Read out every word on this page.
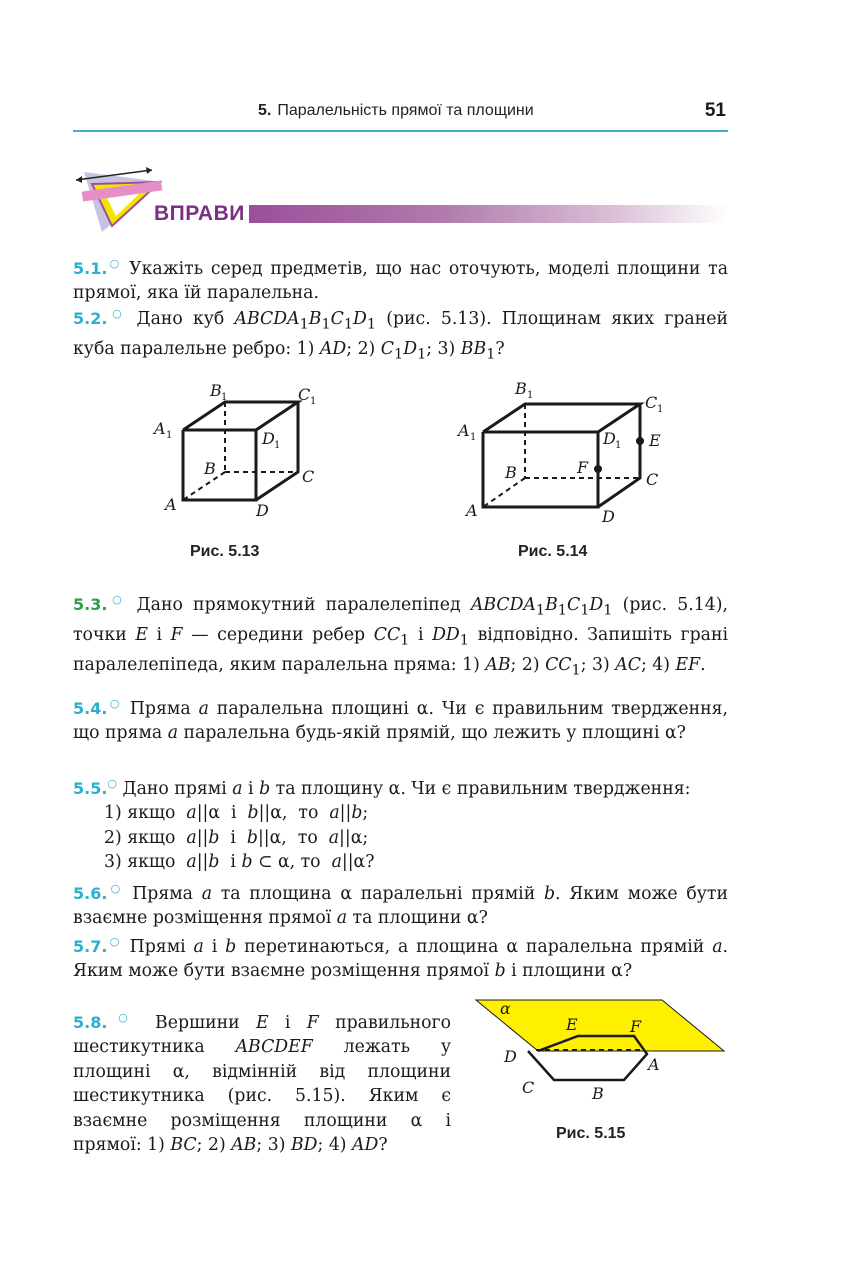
5. Паралельність прямої та площини	51
ВПРАВИ
5.1.○ Укажіть серед предметів, що нас оточують, моделі площини та прямої, яка їй паралельна.
5.2.○ Дано куб $ABCDA_1B_1C_1D_1$ (рис. 5.13). Площинам яких граней куба паралельне ребро: 1) AD; 2) $C_1D_1$; 3) $BB_1$?
B 1	C 1
A 1	D 1
B	C
A	D
Рис. 5.13
B 1	C 1
A 1	D 1 E
F
B	C
A	D
Рис. 5.14
5.3.○ Дано прямокутний паралелепіпед $ABCDA_1B_1C_1D_1$ (рис. 5.14), точки E і F — середини ребер $CC_1$ і $DD_1$ відповідно. Запишіть грані паралелепіпеда, яким паралельна пряма: 1) AB; 2) $CC_1$; 3) AC; 4) EF.
5.4.○ Пряма a паралельна площині α. Чи є правильним твердження, що пряма a паралельна будь-якій прямій, що лежить у площині α?
5.5.○ Дано прямі a і b та площину α. Чи є правильним твердження:
1) якщо  a||α  і  b||α,  то  a||b;
2) якщо  a||b  і  b||α,  то  a||α;
3) якщо  a||b  і b ⊂ α, то  a||α?
5.6.○ Пряма a та площина α паралельні прямій b. Яким може бути взаємне розміщення прямої a та площини α?
5.7.○ Прямі a і b перетинаються, а площина α паралельна прямій a. Яким може бути взаємне розміщення прямої b і площини α?
5.8.○ Вершини E і F правильного шестикутника ABCDEF лежать у площині α, відмінній від площини шестикутника (рис. 5.15). Яким є взаємне розміщення площини α і прямої: 1) BC; 2) AB; 3) BD; 4) AD?
α
E	F
D	A
C	B
Рис. 5.15
